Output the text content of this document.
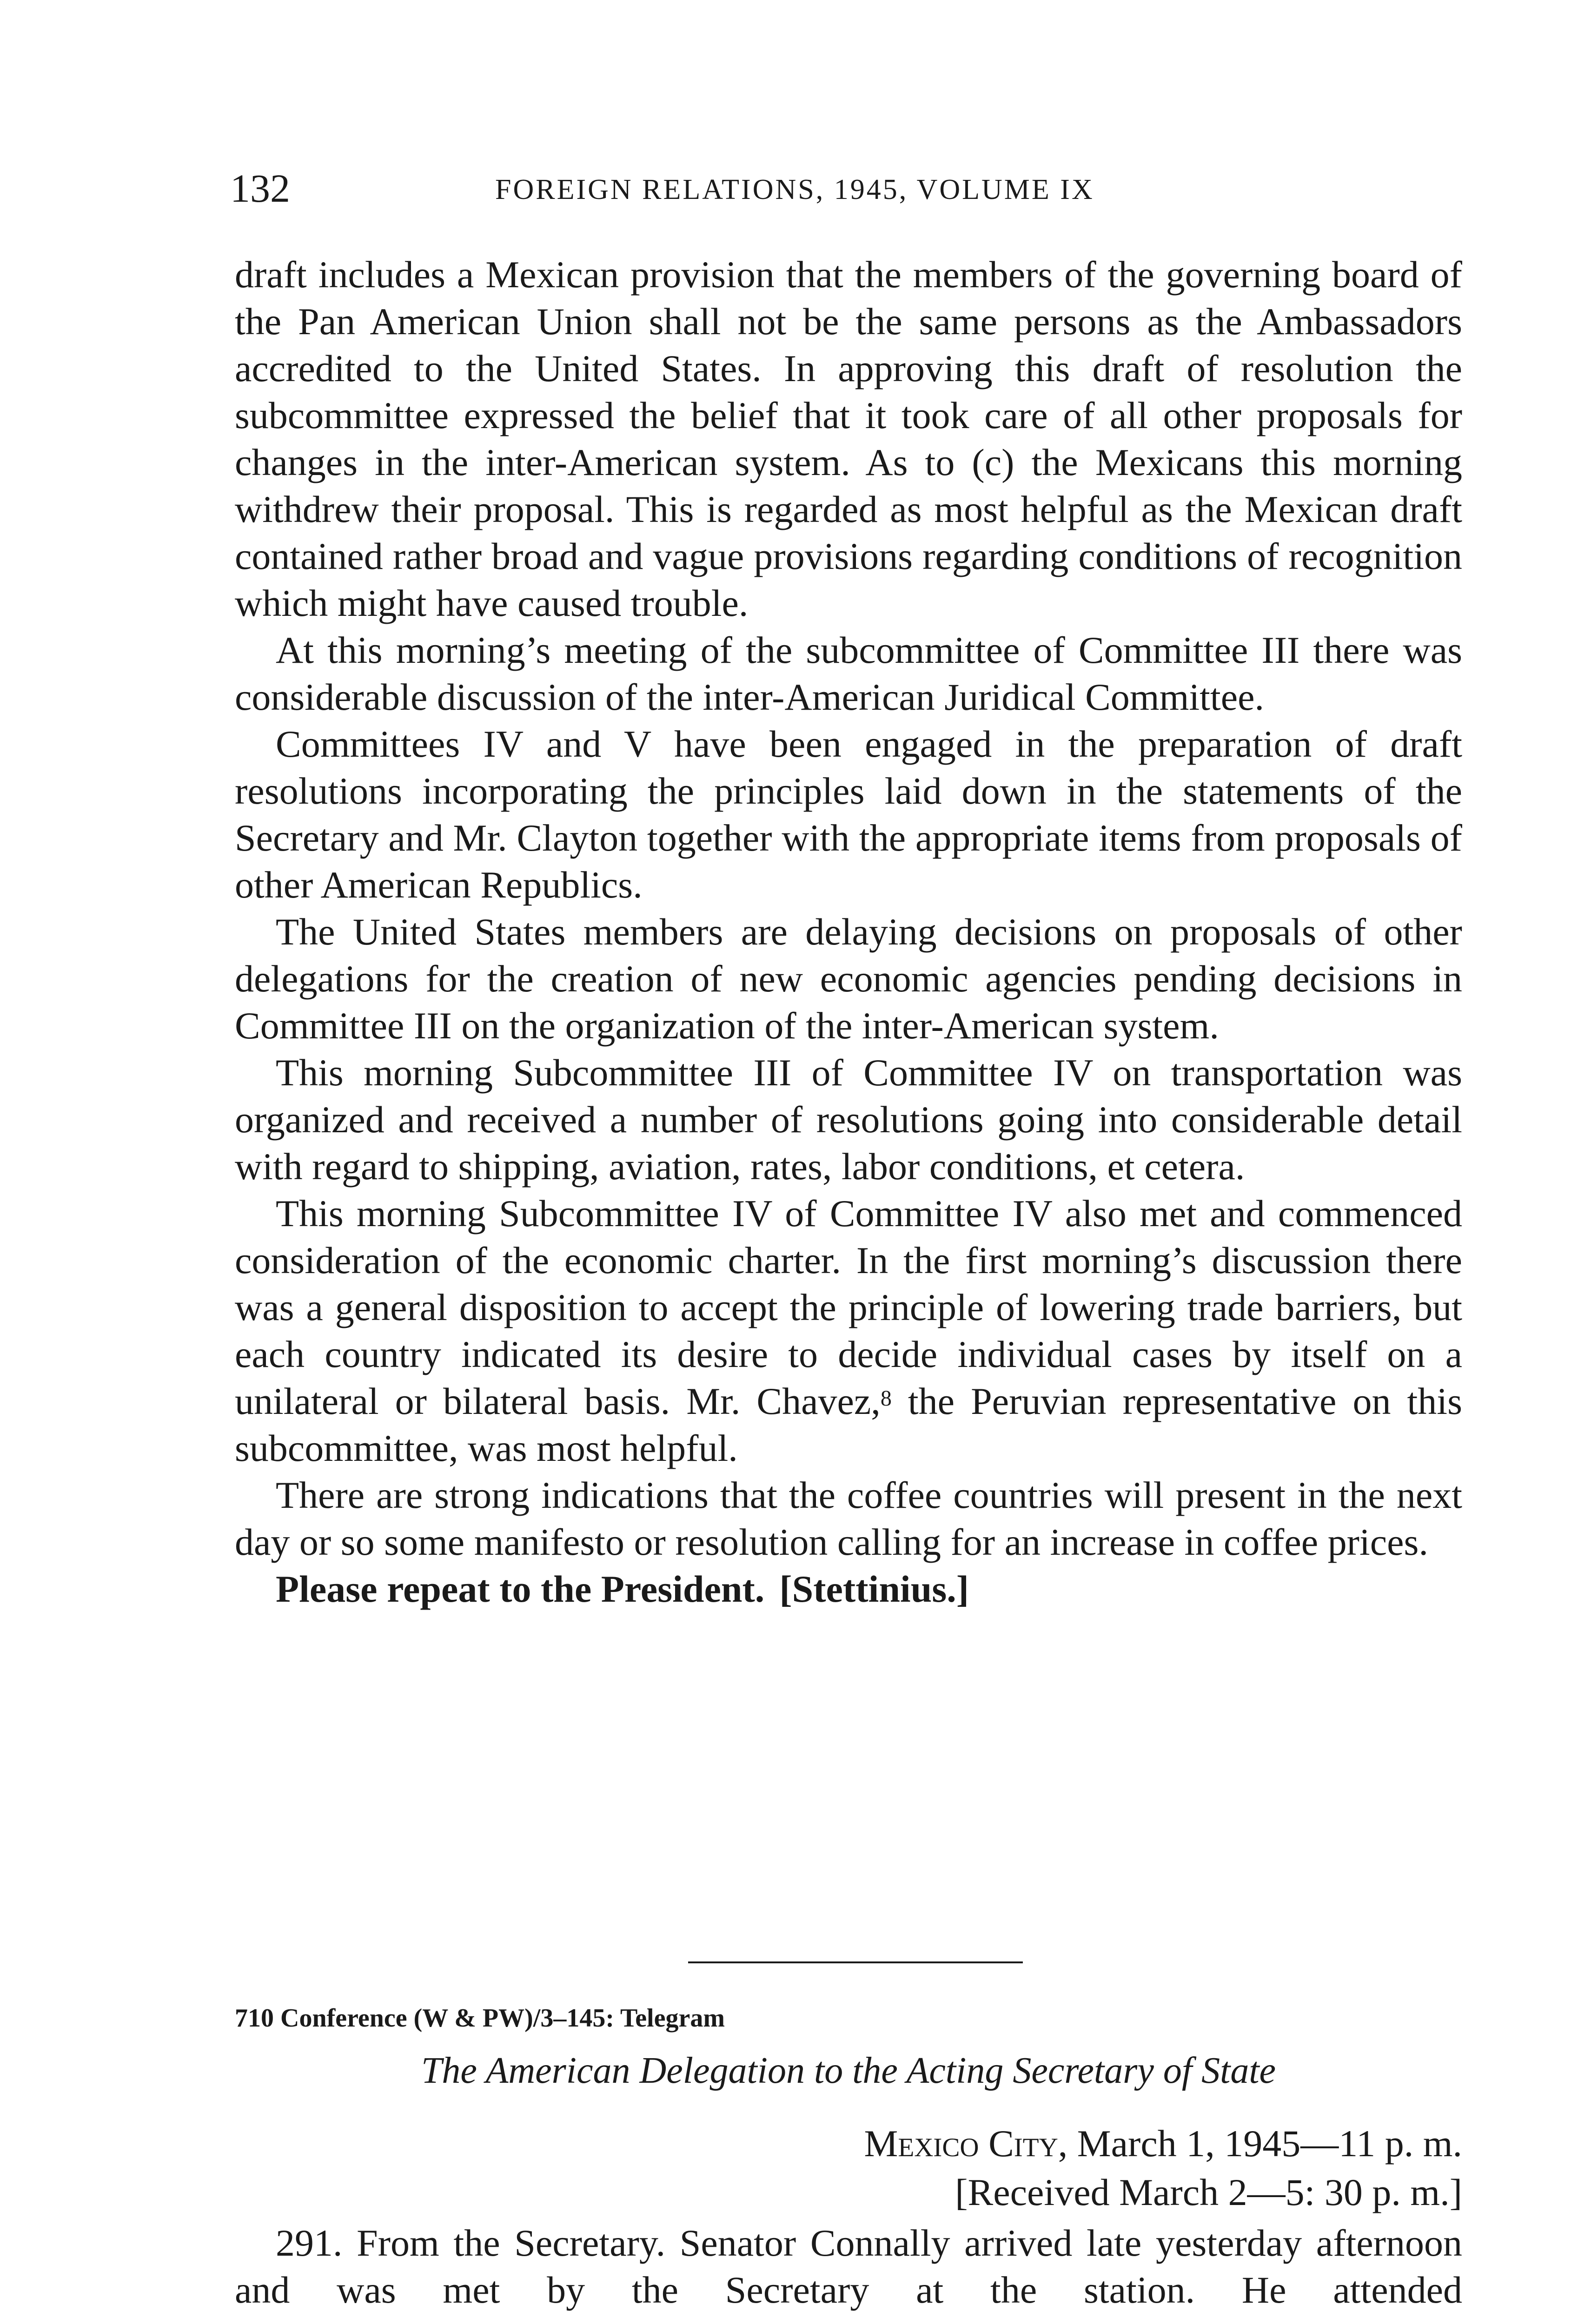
132	FOREIGN RELATIONS, 1945, VOLUME IX

draft includes a Mexican provision that the members of the governing board of the Pan American Union shall not be the same persons as the Ambassadors accredited to the United States. In approving this draft of resolution the subcommittee expressed the belief that it took care of all other proposals for changes in the inter-American system. As to (c) the Mexicans this morning withdrew their proposal. This is regarded as most helpful as the Mexican draft contained rather broad and vague provisions regarding conditions of recognition which might have caused trouble.

At this morning’s meeting of the subcommittee of Committee III there was considerable discussion of the inter-American Juridical Committee.

Committees IV and V have been engaged in the preparation of draft resolutions incorporating the principles laid down in the statements of the Secretary and Mr. Clayton together with the appropriate items from proposals of other American Republics.

The United States members are delaying decisions on proposals of other delegations for the creation of new economic agencies pending decisions in Committee III on the organization of the inter-American system.

This morning Subcommittee III of Committee IV on transportation was organized and received a number of resolutions going into considerable detail with regard to shipping, aviation, rates, labor conditions, et cetera.

This morning Subcommittee IV of Committee IV also met and commenced consideration of the economic charter. In the first morning’s discussion there was a general disposition to accept the principle of lowering trade barriers, but each country indicated its desire to decide individual cases by itself on a unilateral or bilateral basis. Mr. Chavez,$^8$ the Peruvian representative on this subcommittee, was most helpful.

There are strong indications that the coffee countries will present in the next day or so some manifesto or resolution calling for an increase in coffee prices.

Please repeat to the President. [Stettinius.]

710 Conference (W & PW)/3–145: Telegram
The American Delegation to the Acting Secretary of State
Mexico City, March 1, 1945—11 p. m.
[Received March 2—5: 30 p. m.]

291. From the Secretary. Senator Connally arrived late yesterday afternoon and was met by the Secretary at the station. He attended
